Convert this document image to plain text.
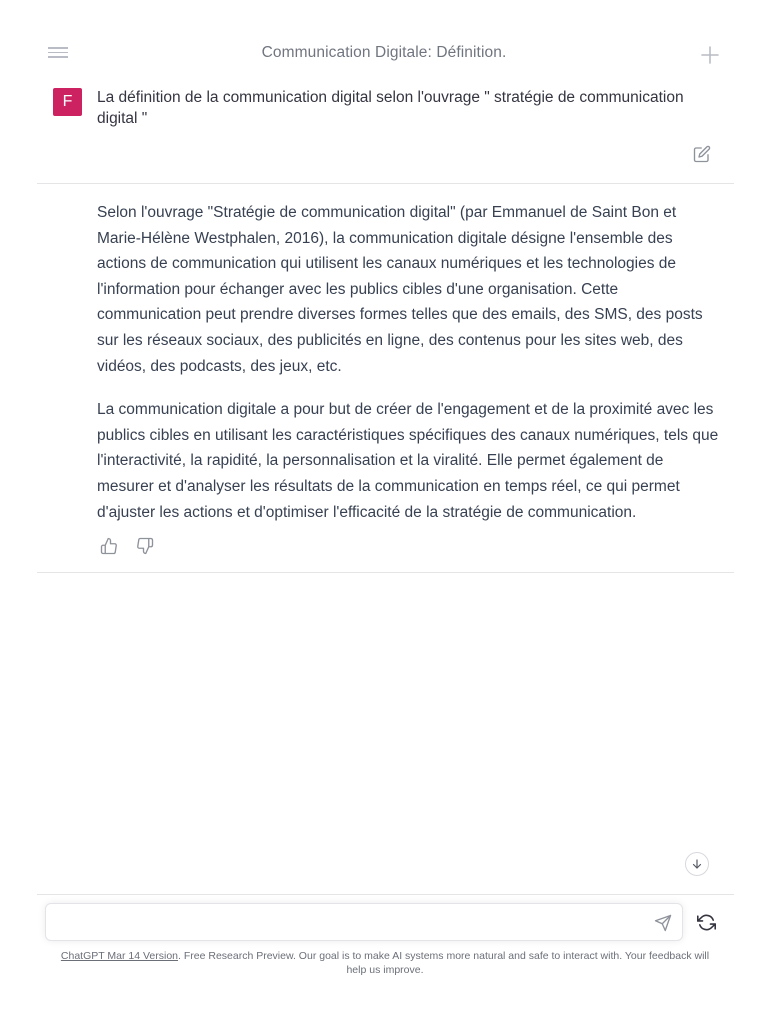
Communication Digitale: Définition.
F	La définition de la communication digital selon l'ouvrage " stratégie de communication digital "

Selon l'ouvrage "Stratégie de communication digital" (par Emmanuel de Saint Bon et Marie-Hélène Westphalen, 2016), la communication digitale désigne l'ensemble des actions de communication qui utilisent les canaux numériques et les technologies de l'information pour échanger avec les publics cibles d'une organisation. Cette communication peut prendre diverses formes telles que des emails, des SMS, des posts sur les réseaux sociaux, des publicités en ligne, des contenus pour les sites web, des vidéos, des podcasts, des jeux, etc.

La communication digitale a pour but de créer de l'engagement et de la proximité avec les publics cibles en utilisant les caractéristiques spécifiques des canaux numériques, tels que l'interactivité, la rapidité, la personnalisation et la viralité. Elle permet également de mesurer et d'analyser les résultats de la communication en temps réel, ce qui permet d'ajuster les actions et d'optimiser l'efficacité de la stratégie de communication.

ChatGPT Mar 14 Version. Free Research Preview. Our goal is to make AI systems more natural and safe to interact with. Your feedback will help us improve.
